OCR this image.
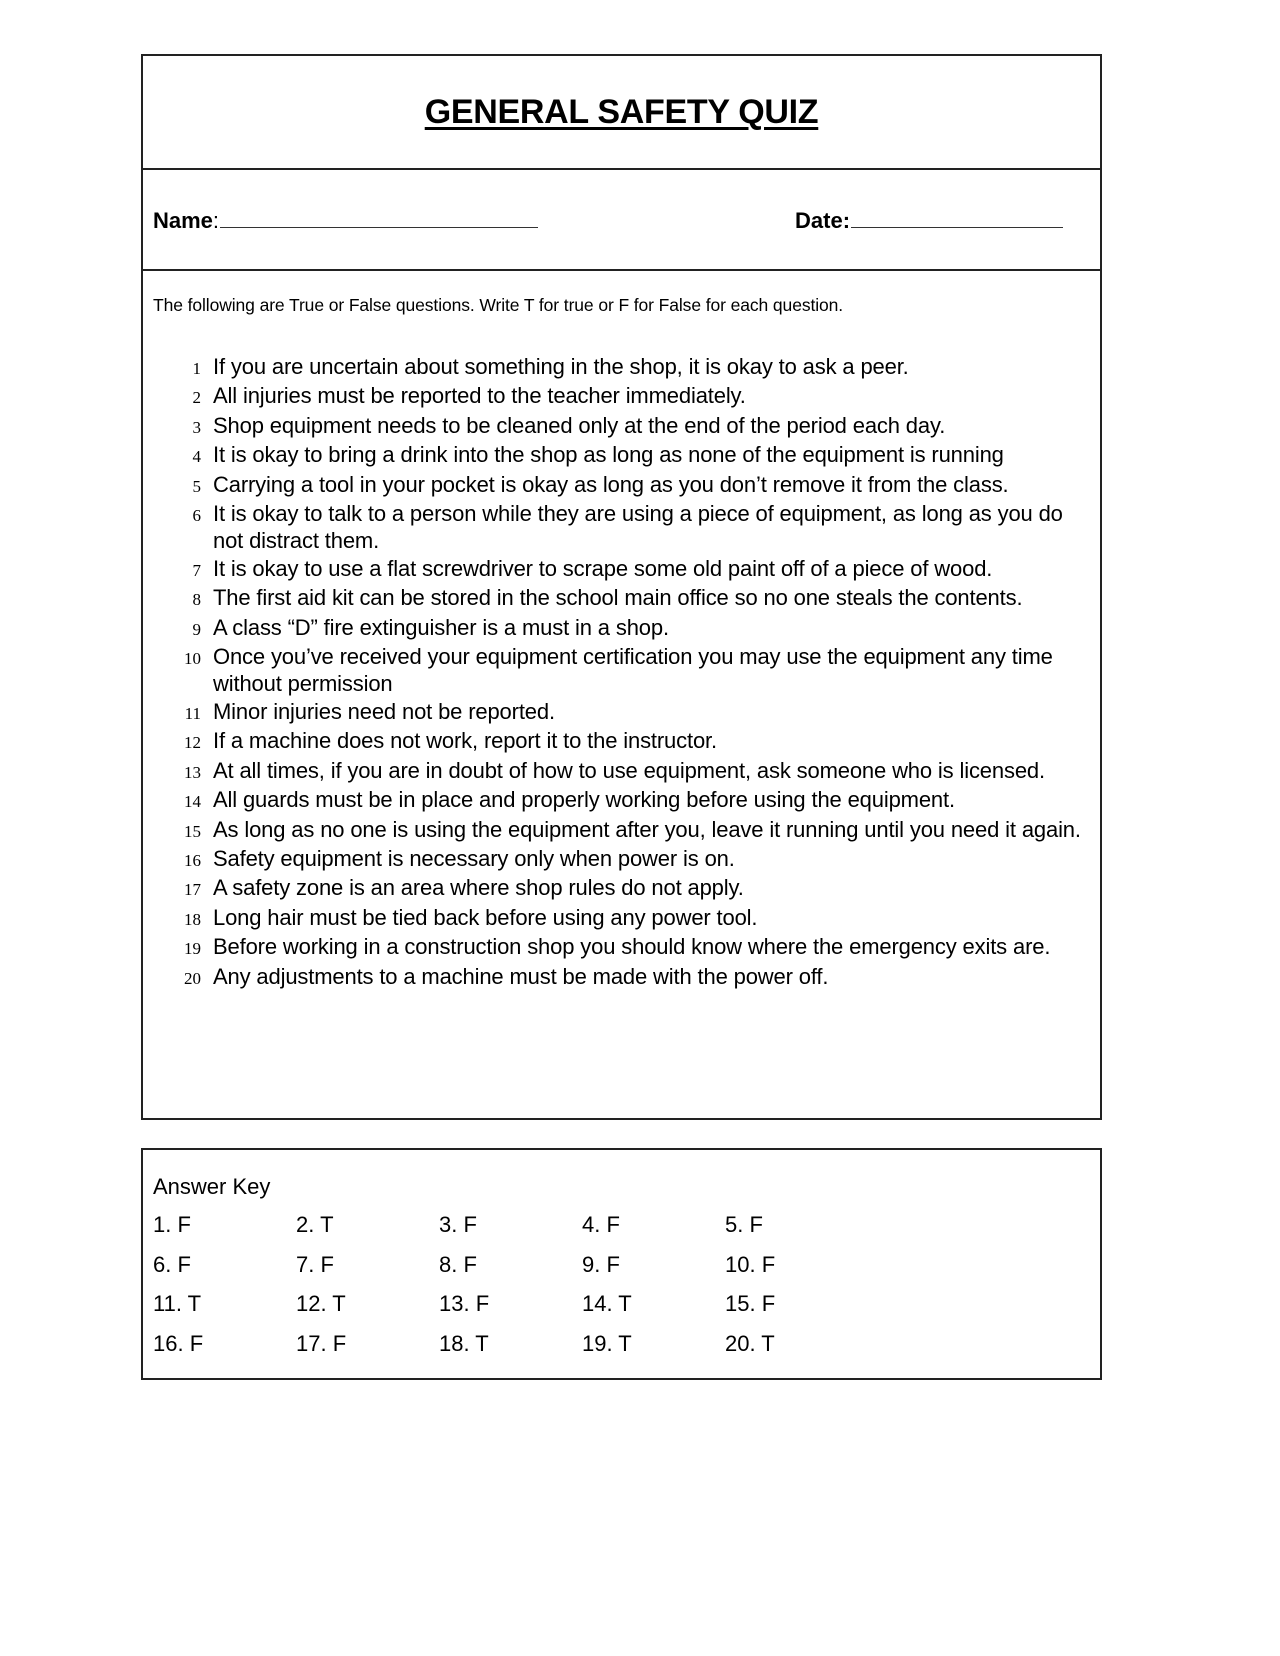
GENERAL SAFETY QUIZ
Name :	Date :
The following are True or False questions. Write T for true or F for False for each question.
1 If you are uncertain about something in the shop, it is okay to ask a peer.
2 All injuries must be reported to the teacher immediately.
3 Shop equipment needs to be cleaned only at the end of the period each day.
4 It is okay to bring a drink into the shop as long as none of the equipment is running
5 Carrying a tool in your pocket is okay as long as you don’t remove it from the class.
6 It is okay to talk to a person while they are using a piece of equipment, as long as you do not distract them.
7 It is okay to use a flat screwdriver to scrape some old paint off of a piece of wood.
8 The first aid kit can be stored in the school main office so no one steals the contents.
9 A class “D” fire extinguisher is a must in a shop.
10 Once you’ve received your equipment certification you may use the equipment any time without permission
11 Minor injuries need not be reported.
12 If a machine does not work, report it to the instructor.
13 At all times, if you are in doubt of how to use equipment, ask someone who is licensed.
14 All guards must be in place and properly working before using the equipment.
15 As long as no one is using the equipment after you, leave it running until you need it again.
16 Safety equipment is necessary only when power is on.
17 A safety zone is an area where shop rules do not apply.
18 Long hair must be tied back before using any power tool.
19 Before working in a construction shop you should know where the emergency exits are.
20 Any adjustments to a machine must be made with the power off.
Answer Key
1. F	2. T	3. F	4. F	5. F
6. F	7. F	8. F	9. F	10. F
11. T	12. T	13. F	14. T	15. F
16. F	17. F	18. T	19. T	20. T
